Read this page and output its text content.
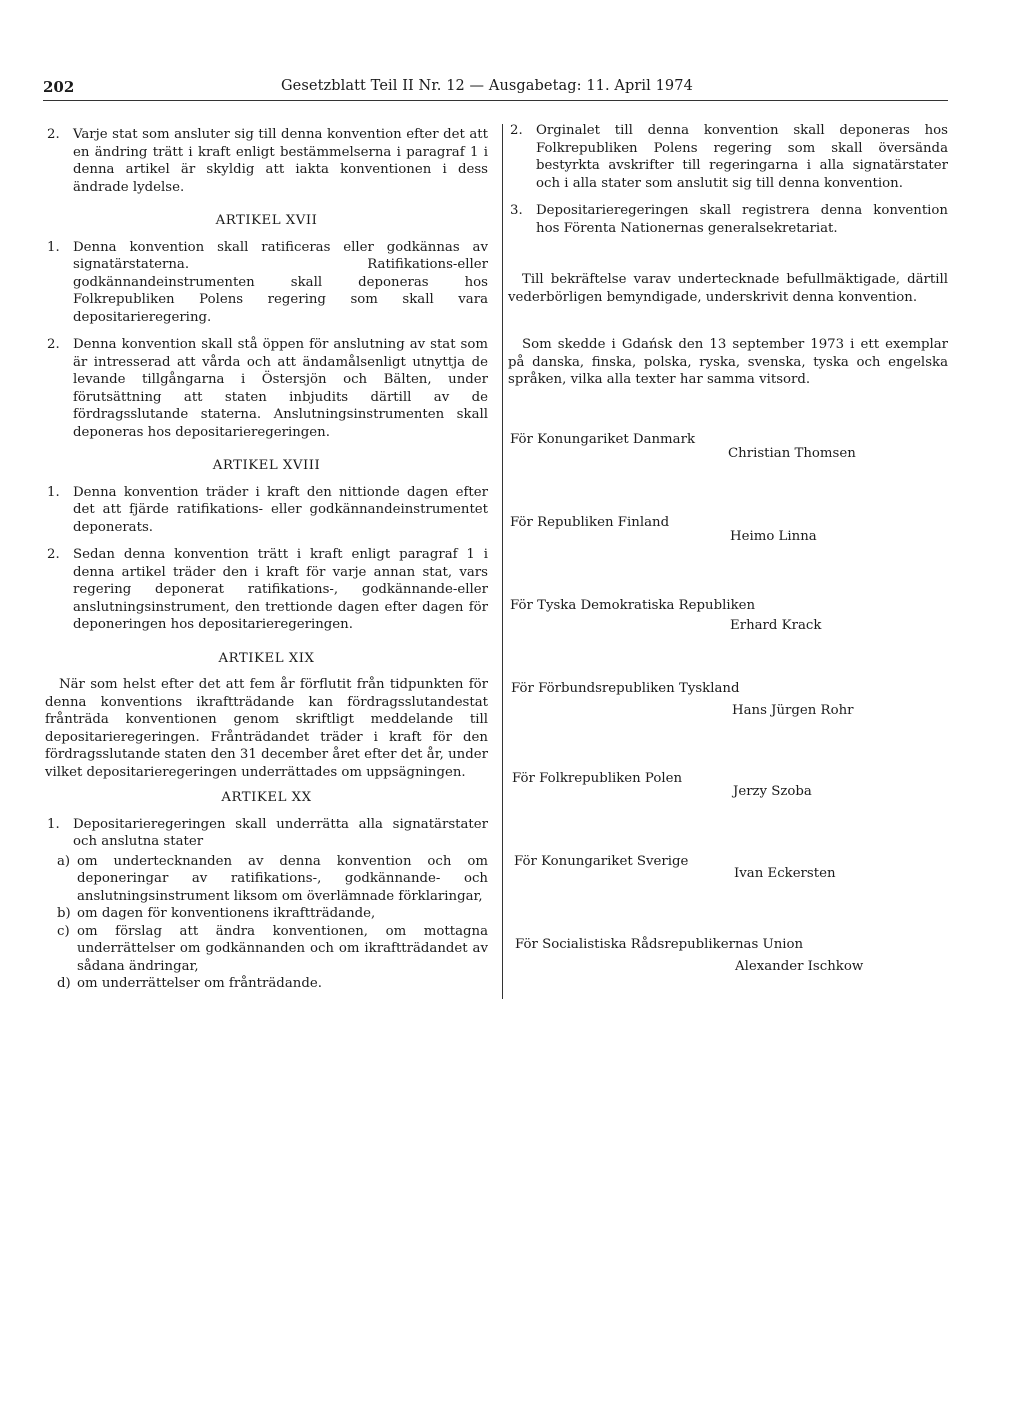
202	Gesetzblatt Teil II Nr. 12 — Ausgabetag: 11. April 1974

2. Varje stat som ansluter sig till denna konvention efter det att en ändring trätt i kraft enligt bestämmelserna i paragraf 1 i denna artikel är skyldig att iakta konventionen i dess ändrade lydelse.

ARTIKEL XVII

1. Denna konvention skall ratificeras eller godkännas av signatärstaterna. Ratifikations-eller godkännandeinstrumenten skall deponeras hos Folkrepubliken Polens regering som skall vara depositarieregering.

2. Denna konvention skall stå öppen för anslutning av stat som är intresserad att vårda och att ändamålsenligt utnyttja de levande tillgångarna i Östersjön och Bälten, under förutsättning att staten inbjudits därtill av de fördragsslutande staterna. Anslutningsinstrumenten skall deponeras hos depositarieregeringen.

ARTIKEL XVIII

1. Denna konvention träder i kraft den nittionde dagen efter det att fjärde ratifikations- eller godkännandeinstrumentet deponerats.

2. Sedan denna konvention trätt i kraft enligt paragraf 1 i denna artikel träder den i kraft för varje annan stat, vars regering deponerat ratifikations-, godkännande-eller anslutningsinstrument, den trettionde dagen efter dagen för deponeringen hos depositarieregeringen.

ARTIKEL XIX

När som helst efter det att fem år förflutit från tidpunkten för denna konventions ikraftträdande kan fördragsslutandestat frånträda konventionen genom skriftligt meddelande till depositarieregeringen. Frånträdandet träder i kraft för den fördragsslutande staten den 31 december året efter det år, under vilket depositarieregeringen underrättades om uppsägningen.

ARTIKEL XX

1. Depositarieregeringen skall underrätta alla signatärstater och anslutna stater

a) om undertecknanden av denna konvention och om deponeringar av ratifikations-, godkännande- och anslutningsinstrument liksom om överlämnade förklaringar,

b) om dagen för konventionens ikraftträdande,

c) om förslag att ändra konventionen, om mottagna underrättelser om godkännanden och om ikraftträdandet av sådana ändringar,

d) om underrättelser om frånträdande.

2. Orginalet till denna konvention skall deponeras hos Folkrepubliken Polens regering som skall översända bestyrkta avskrifter till regeringarna i alla signatärstater och i alla stater som anslutit sig till denna konvention.

3. Depositarieregeringen skall registrera denna konvention hos Förenta Nationernas generalsekretariat.

Till bekräftelse varav undertecknade befullmäktigade, därtill vederbörligen bemyndigade, underskrivit denna konvention.

Som skedde i Gdańsk den 13 september 1973 i ett exemplar på danska, finska, polska, ryska, svenska, tyska och engelska språken, vilka alla texter har samma vitsord.

För Konungariket Danmark
Christian Thomsen
För Republiken Finland
Heimo Linna
För Tyska Demokratiska Republiken
Erhard Krack
För Förbundsrepubliken Tyskland
Hans Jürgen Rohr
För Folkrepubliken Polen
Jerzy Szoba
För Konungariket Sverige
Ivan Eckersten
För Socialistiska Rådsrepublikernas Union
Alexander Ischkow
